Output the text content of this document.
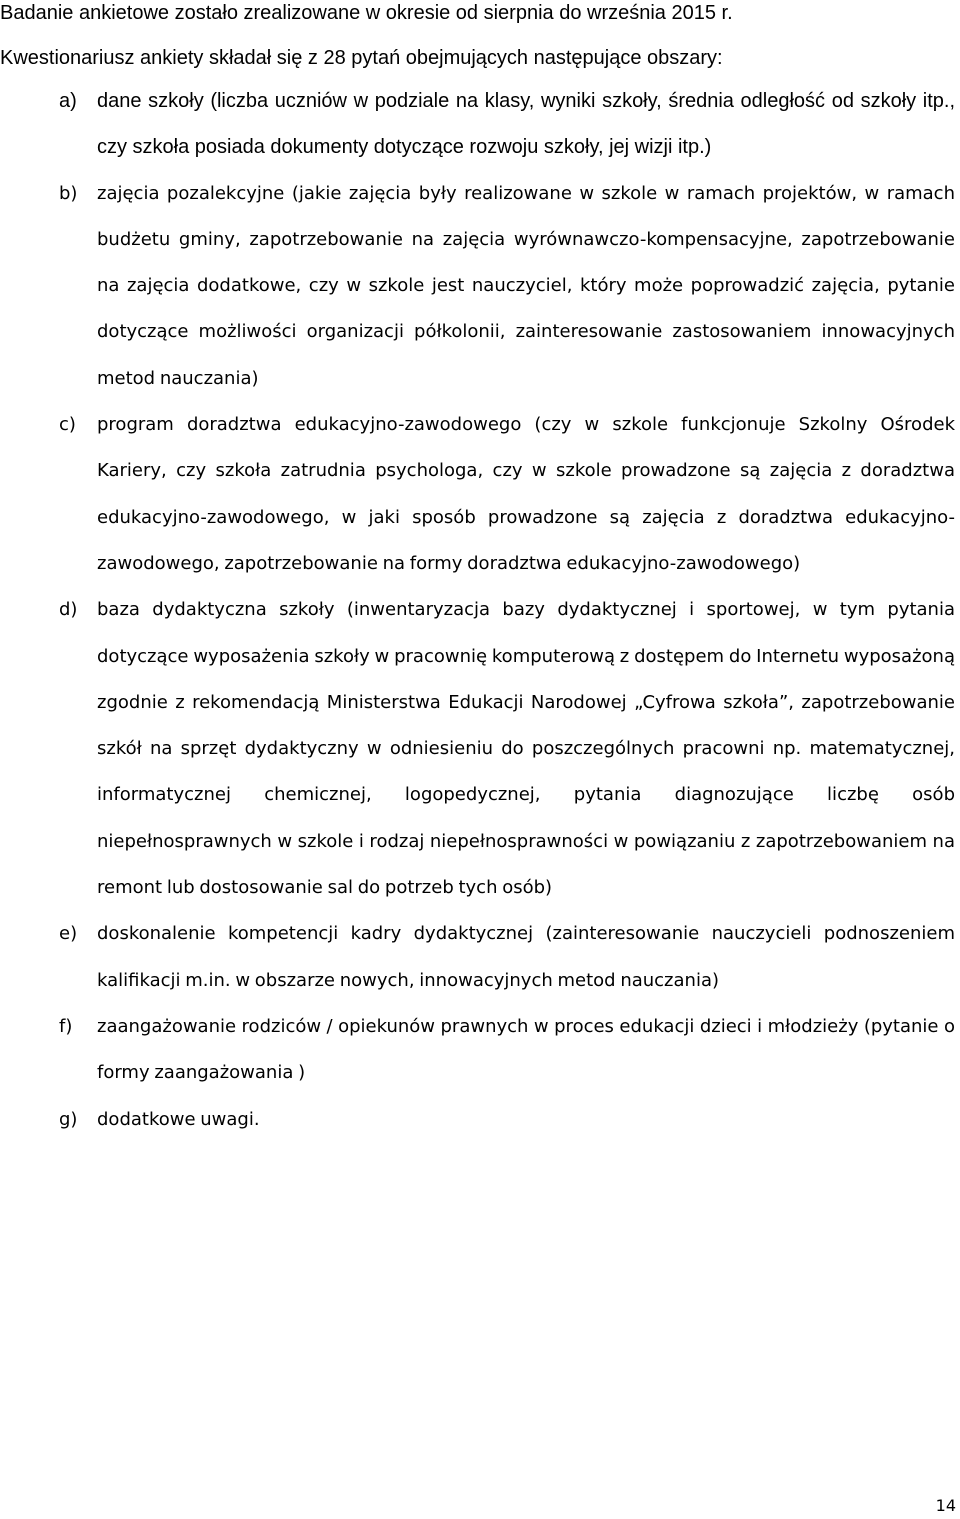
Badanie ankietowe zostało zrealizowane w okresie od sierpnia do września 2015 r.
Kwestionariusz ankiety składał się z 28 pytań obejmujących następujące obszary:
a) dane szkoły (liczba uczniów w podziale na klasy, wyniki szkoły, średnia odległość od szkoły itp., czy szkoła posiada dokumenty dotyczące rozwoju szkoły, jej wizji itp.)
b) zajęcia pozalekcyjne (jakie zajęcia były realizowane w szkole w ramach projektów, w ramach budżetu gminy, zapotrzebowanie na zajęcia wyrównawczo-kompensacyjne, zapotrzebowanie na zajęcia dodatkowe, czy w szkole jest nauczyciel, który może poprowadzić zajęcia, pytanie dotyczące możliwości organizacji półkolonii, zainteresowanie zastosowaniem innowacyjnych metod nauczania)
c) program doradztwa edukacyjno-zawodowego (czy w szkole funkcjonuje Szkolny Ośrodek Kariery, czy szkoła zatrudnia psychologa, czy w szkole prowadzone są zajęcia z doradztwa edukacyjno-zawodowego, w jaki sposób prowadzone są zajęcia z doradztwa edukacyjno-zawodowego, zapotrzebowanie na formy doradztwa edukacyjno-zawodowego)
d) baza dydaktyczna szkoły (inwentaryzacja bazy dydaktycznej i sportowej, w tym pytania dotyczące wyposażenia szkoły w pracownię komputerową z dostępem do Internetu wyposażoną zgodnie z rekomendacją Ministerstwa Edukacji Narodowej „Cyfrowa szkoła”, zapotrzebowanie szkół na sprzęt dydaktyczny w odniesieniu do poszczególnych pracowni np. matematycznej, informatycznej chemicznej, logopedycznej, pytania diagnozujące liczbę osób niepełnosprawnych w szkole i rodzaj niepełnosprawności w powiązaniu z zapotrzebowaniem na remont lub dostosowanie sal do potrzeb tych osób)
e) doskonalenie kompetencji kadry dydaktycznej (zainteresowanie nauczycieli podnoszeniem kalifikacji m.in. w obszarze nowych, innowacyjnych metod nauczania)
f) zaangażowanie rodziców / opiekunów prawnych w proces edukacji dzieci i młodzieży (pytanie o formy zaangażowania )
g) dodatkowe uwagi.
14
